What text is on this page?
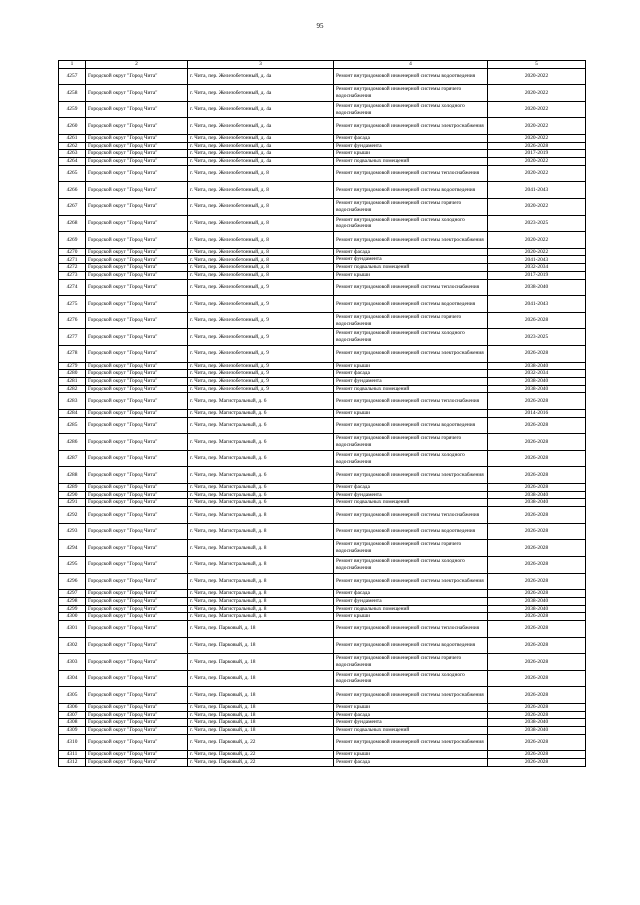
95
1	2	3	4	5
4257	Городской округ "Город Чита"	г. Чита, пер. Железобетонный, д. 4а	Ремонт внутридомовой инженерной системы водоотведения	2020-2022
4258	Городской округ "Город Чита"	г. Чита, пер. Железобетонный, д. 4а	Ремонт внутридомовой инженерной системы горячего водоснабжения	2020-2022
4259	Городской округ "Город Чита"	г. Чита, пер. Железобетонный, д. 4а	Ремонт внутридомовой инженерной системы холодного водоснабжения	2020-2022
4260	Городской округ "Город Чита"	г. Чита, пер. Железобетонный, д. 4а	Ремонт внутридомовой инженерной системы электроснабжения	2020-2022
4261	Городской округ "Город Чита"	г. Чита, пер. Железобетонный, д. 4а	Ремонт фасада	2020-2022
4262	Городской округ "Город Чита"	г. Чита, пер. Железобетонный, д. 4а	Ремонт фундамента	2026-2028
4263	Городской округ "Город Чита"	г. Чита, пер. Железобетонный, д. 4а	Ремонт крыши	2017-2019
4264	Городской округ "Город Чита"	г. Чита, пер. Железобетонный, д. 4а	Ремонт подвальных помещений	2020-2022
4265	Городской округ "Город Чита"	г. Чита, пер. Железобетонный, д. 8	Ремонт внутридомовой инженерной системы теплоснабжения	2020-2022
4266	Городской округ "Город Чита"	г. Чита, пер. Железобетонный, д. 8	Ремонт внутридомовой инженерной системы водоотведения	2041-2043
4267	Городской округ "Город Чита"	г. Чита, пер. Железобетонный, д. 8	Ремонт внутридомовой инженерной системы горячего водоснабжения	2020-2022
4268	Городской округ "Город Чита"	г. Чита, пер. Железобетонный, д. 8	Ремонт внутридомовой инженерной системы холодного водоснабжения	2023-2025
4269	Городской округ "Город Чита"	г. Чита, пер. Железобетонный, д. 8	Ремонт внутридомовой инженерной системы электроснабжения	2020-2022
4270	Городской округ "Город Чита"	г. Чита, пер. Железобетонный, д. 8	Ремонт фасада	2020-2022
4271	Городской округ "Город Чита"	г. Чита, пер. Железобетонный, д. 8	Ремонт фундамента	2041-2043
4272	Городской округ "Город Чита"	г. Чита, пер. Железобетонный, д. 8	Ремонт подвальных помещений	2032-2034
4273	Городской округ "Город Чита"	г. Чита, пер. Железобетонный, д. 8	Ремонт крыши	2017-2019
4274	Городской округ "Город Чита"	г. Чита, пер. Железобетонный, д. 9	Ремонт внутридомовой инженерной системы теплоснабжения	2038-2040
4275	Городской округ "Город Чита"	г. Чита, пер. Железобетонный, д. 9	Ремонт внутридомовой инженерной системы водоотведения	2041-2043
4276	Городской округ "Город Чита"	г. Чита, пер. Железобетонный, д. 9	Ремонт внутридомовой инженерной системы горячего водоснабжения	2026-2028
4277	Городской округ "Город Чита"	г. Чита, пер. Железобетонный, д. 9	Ремонт внутридомовой инженерной системы холодного водоснабжения	2023-2025
4278	Городской округ "Город Чита"	г. Чита, пер. Железобетонный, д. 9	Ремонт внутридомовой инженерной системы электроснабжения	2026-2028
4279	Городской округ "Город Чита"	г. Чита, пер. Железобетонный, д. 9	Ремонт крыши	2038-2040
4280	Городской округ "Город Чита"	г. Чита, пер. Железобетонный, д. 9	Ремонт фасада	2032-2034
4281	Городской округ "Город Чита"	г. Чита, пер. Железобетонный, д. 9	Ремонт фундамента	2038-2040
4282	Городской округ "Город Чита"	г. Чита, пер. Железобетонный, д. 9	Ремонт подвальных помещений	2038-2040
4283	Городской округ "Город Чита"	г. Чита, пер. Магистральный, д. 6	Ремонт внутридомовой инженерной системы теплоснабжения	2026-2028
4284	Городской округ "Город Чита"	г. Чита, пер. Магистральный, д. 6	Ремонт крыши	2014-2016
4285	Городской округ "Город Чита"	г. Чита, пер. Магистральный, д. 6	Ремонт внутридомовой инженерной системы водоотведения	2026-2028
4286	Городской округ "Город Чита"	г. Чита, пер. Магистральный, д. 6	Ремонт внутридомовой инженерной системы горячего водоснабжения	2026-2028
4287	Городской округ "Город Чита"	г. Чита, пер. Магистральный, д. 6	Ремонт внутридомовой инженерной системы холодного водоснабжения	2026-2028
4288	Городской округ "Город Чита"	г. Чита, пер. Магистральный, д. 6	Ремонт внутридомовой инженерной системы электроснабжения	2026-2028
4289	Городской округ "Город Чита"	г. Чита, пер. Магистральный, д. 6	Ремонт фасада	2026-2028
4290	Городской округ "Город Чита"	г. Чита, пер. Магистральный, д. 6	Ремонт фундамента	2038-2040
4291	Городской округ "Город Чита"	г. Чита, пер. Магистральный, д. 6	Ремонт подвальных помещений	2038-2040
4292	Городской округ "Город Чита"	г. Чита, пер. Магистральный, д. 8	Ремонт внутридомовой инженерной системы теплоснабжения	2026-2028
4293	Городской округ "Город Чита"	г. Чита, пер. Магистральный, д. 8	Ремонт внутридомовой инженерной системы водоотведения	2026-2028
4294	Городской округ "Город Чита"	г. Чита, пер. Магистральный, д. 8	Ремонт внутридомовой инженерной системы горячего водоснабжения	2026-2028
4295	Городской округ "Город Чита"	г. Чита, пер. Магистральный, д. 8	Ремонт внутридомовой инженерной системы холодного водоснабжения	2026-2028
4296	Городской округ "Город Чита"	г. Чита, пер. Магистральный, д. 8	Ремонт внутридомовой инженерной системы электроснабжения	2026-2028
4297	Городской округ "Город Чита"	г. Чита, пер. Магистральный, д. 8	Ремонт фасада	2026-2028
4298	Городской округ "Город Чита"	г. Чита, пер. Магистральный, д. 8	Ремонт фундамента	2038-2040
4299	Городской округ "Город Чита"	г. Чита, пер. Магистральный, д. 8	Ремонт подвальных помещений	2038-2040
4300	Городской округ "Город Чита"	г. Чита, пер. Магистральный, д. 8	Ремонт крыши	2026-2028
4301	Городской округ "Город Чита"	г. Чита, пер. Парковый, д. 18	Ремонт внутридомовой инженерной системы теплоснабжения	2026-2028
4302	Городской округ "Город Чита"	г. Чита, пер. Парковый, д. 18	Ремонт внутридомовой инженерной системы водоотведения	2026-2028
4303	Городской округ "Город Чита"	г. Чита, пер. Парковый, д. 18	Ремонт внутридомовой инженерной системы горячего водоснабжения	2026-2028
4304	Городской округ "Город Чита"	г. Чита, пер. Парковый, д. 18	Ремонт внутридомовой инженерной системы холодного водоснабжения	2026-2028
4305	Городской округ "Город Чита"	г. Чита, пер. Парковый, д. 18	Ремонт внутридомовой инженерной системы электроснабжения	2026-2028
4306	Городской округ "Город Чита"	г. Чита, пер. Парковый, д. 18	Ремонт крыши	2026-2028
4307	Городской округ "Город Чита"	г. Чита, пер. Парковый, д. 18	Ремонт фасада	2026-2028
4308	Городской округ "Город Чита"	г. Чита, пер. Парковый, д. 18	Ремонт фундамента	2038-2040
4309	Городской округ "Город Чита"	г. Чита, пер. Парковый, д. 18	Ремонт подвальных помещений	2038-2040
4310	Городской округ "Город Чита"	г. Чита, пер. Парковый, д. 22	Ремонт внутридомовой инженерной системы электроснабжения	2026-2028
4311	Городской округ "Город Чита"	г. Чита, пер. Парковый, д. 22	Ремонт крыши	2026-2028
4312	Городской округ "Город Чита"	г. Чита, пер. Парковый, д. 22	Ремонт фасада	2026-2028
